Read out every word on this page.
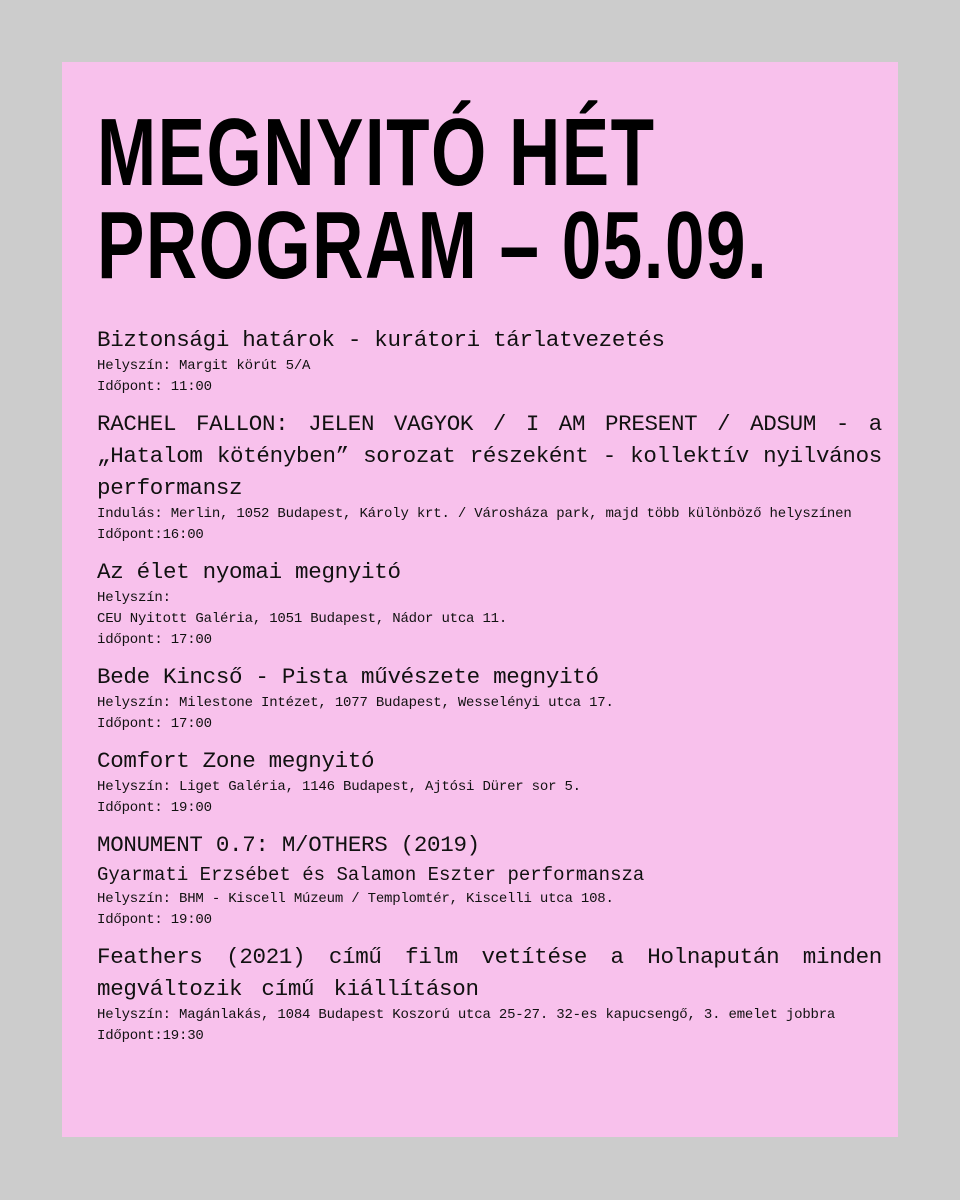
MEGNYITÓ HÉT
PROGRAM – 05.09.
Biztonsági határok - kurátori tárlatvezetés
Helyszín: Margit körút 5/A
Időpont: 11:00
RACHEL FALLON: JELEN VAGYOK / I AM PRESENT / ADSUM - a „Hatalom kötényben” sorozat részeként - kollektív nyilvános performansz
Indulás: Merlin, 1052 Budapest, Károly krt. / Városháza park, majd több különböző helyszínen
Időpont:16:00
Az élet nyomai megnyitó
Helyszín:
CEU Nyitott Galéria, 1051 Budapest, Nádor utca 11.
időpont: 17:00
Bede Kincső - Pista művészete megnyitó
Helyszín: Milestone Intézet, 1077 Budapest, Wesselényi utca 17.
Időpont: 17:00
Comfort Zone megnyitó
Helyszín: Liget Galéria, 1146 Budapest, Ajtósi Dürer sor 5.
Időpont: 19:00
MONUMENT 0.7: M/OTHERS (2019)
Gyarmati Erzsébet és Salamon Eszter performansza
Helyszín: BHM - Kiscell Múzeum / Templomtér, Kiscelli utca 108.
Időpont: 19:00
Feathers (2021) című film vetítése a Holnapután minden megváltozik című kiállításon
Helyszín: Magánlakás, 1084 Budapest Koszorú utca 25-27. 32-es kapucsengő, 3. emelet jobbra
Időpont:19:30
